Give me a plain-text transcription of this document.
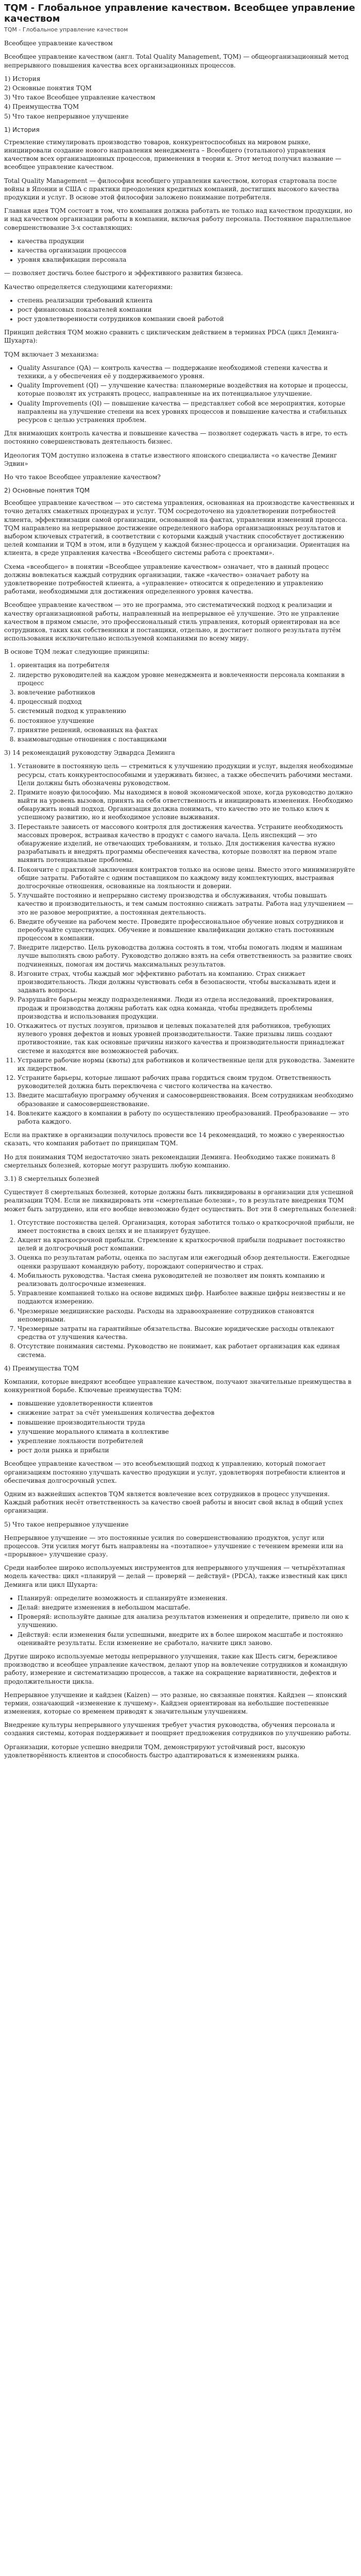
TQM - Глобальное управление качеством. Всеобщее управление качеством
TQM - Глобальное управление качеством

Всеобщее управление качеством

Всеобщее управление качеством (англ. Total Quality Management, TQM) — общеорганизационный метод непрерывного повышения качества всех организационных процессов.

1) История
2) Основные понятия TQM
3) Что такое Всеобщее управление качеством
4) Преимущества TQM
5) Что такое непрерывное улучшение
1) История

Стремление стимулировать производство товаров, конкурентоспособных на мировом рынке, инициировали создание нового направления менеджмента – Всеобщего (тотального) управления качеством всех организационных процессов, применения в теории к. Этот метод получил название — всеобщее управление качеством.

Total Quality Management — философия всеобщего управления качеством, которая стартовала после войны в Японии и США с практики преодоления кредитных компаний, достигших высокого качества продукции и услуг. В основе этой философии заложено понимание потребителя.

Главная идея TQM состоит в том, что компания должна работать не только над качеством продукции, но и над качеством организации работы в компании, включая работу персонала. Постоянное параллельное совершенствование 3-х составляющих:

• качества продукции
• качества организации процессов
• уровня квалификации персонала

— позволяет достичь более быстрого и эффективного развития бизнеса.

Качество определяется следующими категориями:

• степень реализации требований клиента
• рост финансовых показателей компании
• рост удовлетворенности сотрудников компании своей работой

Принцип действия TQM можно сравнить с циклическим действием в терминах PDCA (цикл Деминга-Шухарта):

TQM включает 3 механизма:

• Quality Assurance (QA) — контроль качества — поддержание необходимой степени качества и техники, а у обеспечения её у поддерживаемого уровня.
• Quality Improvement (QI) — улучшение качества: планомерные воздействия на которые и процессы, которые позволят их устранять процесс, направленные на их потенциальное улучшение.
• Quality Improvements (QI) — повышение качества — представляет собой все мероприятия, которые направлены на улучшение степени на всех уровнях процессов и повышение качества и стабильных ресурсов с целью устранения проблем.

Для внимающих контроль качества и повышение качества — позволяет содержать часть в игре, то есть постоянно совершенствовать деятельность бизнес.

Идеология TQM доступно изложена в статье известного японского специалиста «о качестве Деминг Эдвин»

Но что такое Всеобщее управление качеством?

2) Основные понятия TQM

Всеобщее управление качеством — это система управления, основанная на производстве качественных и точно деталях смакетных процедурах и услуг. TQM сосредоточено на удовлетворении потребностей клиента, эффективизации самой организации, основанной на фактах, управлении изменений процесса. TQM направлено на непрерывное достижение определенного набора организационных результатов и выбором ключевых стратегий, в соответствии с которыми каждый участник способствует достижению целей компании и TQM в этом, или в будущем у каждой бизнес-процесса и организации. Ориентация на клиента, в среде управления качества «Всеобщего системы работа с проектами».

Схема «всеобщего» в понятии «Всеобщее управление качеством» означает, что в данный процесс должны вовлекаться каждый сотрудник организации, также «качество» означает работу на удовлетворение потребностей клиента, а «управление» относится к определению и управлению работами, необходимыми для достижения определенного уровня качества.

Всеобщее управление качеством — это не программа, это систематический подход к реализации и качеству организационной работы, направленный на непрерывное её улучшение. Это не управление качеством в прямом смысле, это профессиональный стиль управления, который ориентирован на все сотрудников, таких как собственники и поставщики, отдельно, и достигает полного результата путём использования исключительно используемой компаниями по всему миру.

В основе TQM лежат следующие принципы:

1. ориентация на потребителя
2. лидерство руководителей на каждом уровне менеджмента и вовлеченности персонала компании в процесс
3. вовлечение работников
4. процессный подход
5. системный подход к управлению
6. постоянное улучшение
7. принятие решений, основанных на фактах
8. взаимовыгодные отношения с поставщиками

3) 14 рекомендаций руководству Эдвардса Деминга

1. Установите в постоянную цель — стремиться к улучшению продукции и услуг, выделяя необходимые ресурсы, стать конкурентоспособными и удерживать бизнес, а также обеспечить рабочими местами. Цели должны быть обозначены руководством.
2. Примите новую философию. Мы находимся в новой экономической эпохе, когда руководство должно выйти на уровень вызовов, принять на себя ответственность и инициировать изменения. Необходимо обнаружить новый подход. Организация должна понимать, что качество это не только ключ к успешному развитию, но и необходимое условие выживания.
3. Перестаньте зависеть от массового контроля для достижения качества. Устраните необходимость массовых проверок, встраивая качество в продукт с самого начала. Цель инспекций — это обнаружение изделий, не отвечающих требованиям, и только. Для достижения качества нужно разрабатывать и внедрять программы обеспечения качества, которые позволят на первом этапе выявить потенциальные проблемы.
4. Покончите с практикой заключения контрактов только на основе цены. Вместо этого минимизируйте общие затраты. Работайте с одним поставщиком по каждому виду комплектующих, выстраивая долгосрочные отношения, основанные на лояльности и доверии.
5. Улучшайте постоянно и непрерывно систему производства и обслуживания, чтобы повышать качество и производительность, и тем самым постоянно снижать затраты. Работа над улучшением — это не разовое мероприятие, а постоянная деятельность.
6. Введите обучение на рабочем месте. Проведите профессиональное обучение новых сотрудников и переобучайте существующих. Обучение и повышение квалификации должно стать постоянным процессом в компании.
7. Внедрите лидерство. Цель руководства должна состоять в том, чтобы помогать людям и машинам лучше выполнять свою работу. Руководство должно взять на себя ответственность за развитие своих подчиненных, помогая им достичь максимальных результатов.
8. Изгоните страх, чтобы каждый мог эффективно работать на компанию. Страх снижает производительность. Люди должны чувствовать себя в безопасности, чтобы высказывать идеи и задавать вопросы.
9. Разрушайте барьеры между подразделениями. Люди из отдела исследований, проектирования, продаж и производства должны работать как одна команда, чтобы предвидеть проблемы производства и использования продукции.
10. Откажитесь от пустых лозунгов, призывов и целевых показателей для работников, требующих нулевого уровня дефектов и новых уровней производительности. Такие призывы лишь создают противостояние, так как основные причины низкого качества и производительности принадлежат системе и находятся вне возможностей рабочих.
11. Устраните рабочие нормы (квоты) для работников и количественные цели для руководства. Замените их лидерством.
12. Устраните барьеры, которые лишают рабочих права гордиться своим трудом. Ответственность руководителей должна быть переключена с чистого количества на качество.
13. Введите масштабную программу обучения и самосовершенствования. Всем сотрудникам необходимо образование и самосовершенствование.
14. Вовлеките каждого в компании в работу по осуществлению преобразований. Преобразование — это работа каждого.

Если на практике в организации получилось провести все 14 рекомендаций, то можно с уверенностью сказать, что компания работает по принципам TQM.

Но для понимания TQM недостаточно знать рекомендации Деминга. Необходимо также понимать 8 смертельных болезней, которые могут разрушить любую компанию.

3.1) 8 смертельных болезней

Существует 8 смертельных болезней, которые должны быть ликвидированы в организации для успешной реализации TQM. Если не ликвидировать эти «смертельные болезни», то в результате внедрения TQM может быть затруднено, или его вообще невозможно будет осуществить. Вот эти 8 смертельных болезней:

1. Отсутствие постоянства целей. Организация, которая заботится только о краткосрочной прибыли, не имеет постоянства в своих целях и не планирует будущее.
2. Акцент на краткосрочной прибыли. Стремление к краткосрочной прибыли подрывает постоянство целей и долгосрочный рост компании.
3. Оценка по результатам работы, оценка по заслугам или ежегодный обзор деятельности. Ежегодные оценки разрушают командную работу, порождают соперничество и страх.
4. Мобильность руководства. Частая смена руководителей не позволяет им понять компанию и реализовать долгосрочные изменения.
5. Управление компанией только на основе видимых цифр. Наиболее важные цифры неизвестны и не поддаются измерению.
6. Чрезмерные медицинские расходы. Расходы на здравоохранение сотрудников становятся непомерными.
7. Чрезмерные затраты на гарантийные обязательства. Высокие юридические расходы отвлекают средства от улучшения качества.
8. Отсутствие понимания системы. Руководство не понимает, как работает организация как единая система.

4) Преимущества TQM

Компании, которые внедряют всеобщее управление качеством, получают значительные преимущества в конкурентной борьбе. Ключевые преимущества TQM:

• повышение удовлетворенности клиентов
• снижение затрат за счёт уменьшения количества дефектов
• повышение производительности труда
• улучшение морального климата в коллективе
• укрепление лояльности потребителей
• рост доли рынка и прибыли

Всеобщее управление качеством — это всеобъемлющий подход к управлению, который помогает организациям постоянно улучшать качество продукции и услуг, удовлетворяя потребности клиентов и обеспечивая долгосрочный успех.

Одним из важнейших аспектов TQM является вовлечение всех сотрудников в процесс улучшения. Каждый работник несёт ответственность за качество своей работы и вносит свой вклад в общий успех организации.

5) Что такое непрерывное улучшение

Непрерывное улучшение — это постоянные усилия по совершенствованию продуктов, услуг или процессов. Эти усилия могут быть направлены на «поэтапное» улучшение с течением времени или на «прорывное» улучшение сразу.

Среди наиболее широко используемых инструментов для непрерывного улучшения — четырёхэтапная модель качества: цикл «планируй — делай — проверяй — действуй» (PDCA), также известный как цикл Деминга или цикл Шухарта:

• Планируй: определите возможность и спланируйте изменения.
• Делай: внедрите изменения в небольшом масштабе.
• Проверяй: используйте данные для анализа результатов изменения и определите, привело ли оно к улучшению.
• Действуй: если изменения были успешными, внедрите их в более широком масштабе и постоянно оценивайте результаты. Если изменение не сработало, начните цикл заново.

Другие широко используемые методы непрерывного улучшения, такие как Шесть сигм, бережливое производство и всеобщее управление качеством, делают упор на вовлечение сотрудников и командную работу, измерение и систематизацию процессов, а также на сокращение вариативности, дефектов и продолжительности цикла.

Непрерывное улучшение и кайдзен (Kaizen) — это разные, но связанные понятия. Кайдзен — японский термин, означающий «изменение к лучшему». Кайдзен ориентирован на небольшие постепенные изменения, которые со временем приводят к значительным улучшениям.

Внедрение культуры непрерывного улучшения требует участия руководства, обучения персонала и создания системы, которая поддерживает и поощряет предложения сотрудников по улучшению работы.

Организации, которые успешно внедрили TQM, демонстрируют устойчивый рост, высокую удовлетворённость клиентов и способность быстро адаптироваться к изменениям рынка.
